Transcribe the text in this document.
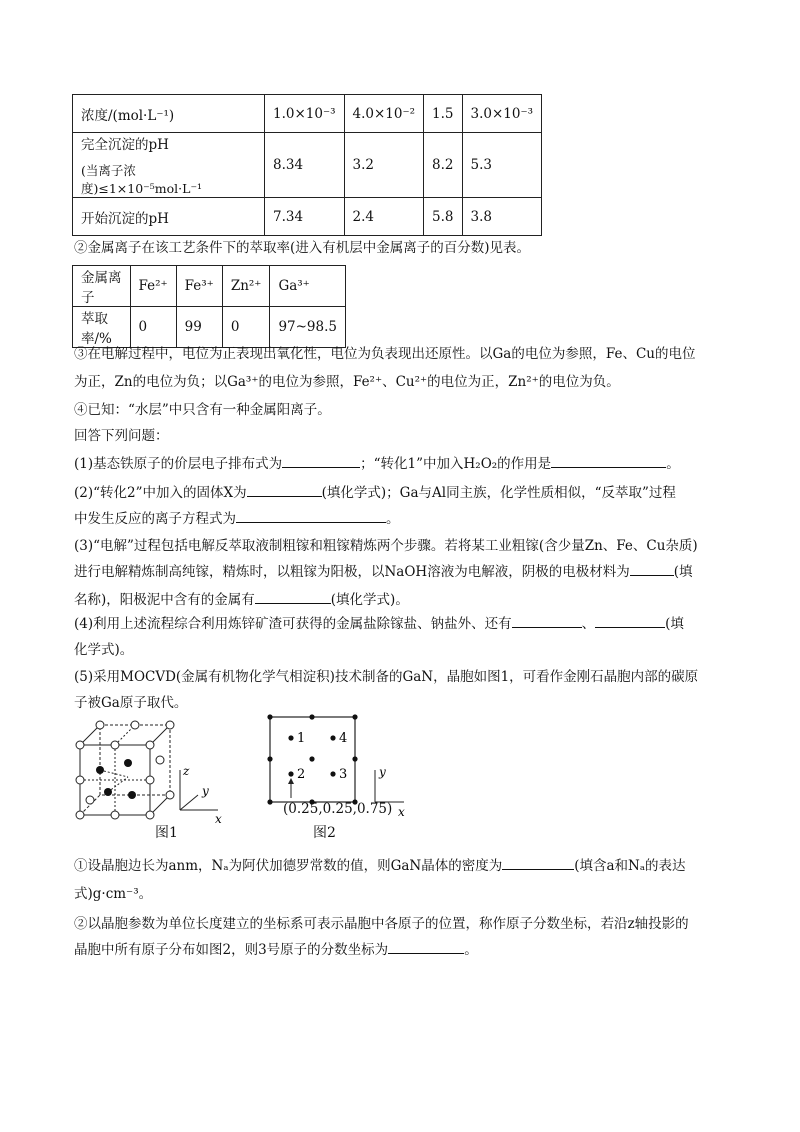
浓度/(mol·L⁻¹)	1.0×10⁻³	4.0×10⁻²	1.5	3.0×10⁻³

完全沉淀的pH
(当离子浓度)≤1×10⁻⁵mol·L⁻¹	8.34	3.2	8.2	5.3
开始沉淀的pH	7.34	2.4	5.8	3.8
②金属离子在该工艺条件下的萃取率(进入有机层中金属离子的百分数)见表。
金属离子	Fe²⁺	Fe³⁺	Zn²⁺	Ga³⁺
萃取率/%	0	99	0	97~98.5
③在电解过程中，电位为正表现出氧化性，电位为负表现出还原性。以Ga的电位为参照，Fe、Cu的电位
为正，Zn的电位为负；以Ga³⁺的电位为参照，Fe²⁺、Cu²⁺的电位为正，Zn²⁺的电位为负。
④已知：“水层”中只含有一种金属阳离子。
回答下列问题：
(1)基态铁原子的价层电子排布式为	；“转化1”中加入H₂O₂的作用是	。
(2)“转化2”中加入的固体X为	(填化学式)；Ga与Al同主族，化学性质相似，“反萃取”过程
中发生反应的离子方程式为	。
(3)“电解”过程包括电解反萃取液制粗镓和粗镓精炼两个步骤。若将某工业粗镓(含少量Zn、Fe、Cu杂质)
进行电解精炼制高纯镓，精炼时，以粗镓为阳极，以NaOH溶液为电解液，阴极的电极材料为	(填
名称)，阳极泥中含有的金属有	(填化学式)。
(4)利用上述流程综合利用炼锌矿渣可获得的金属盐除镓盐、钠盐外、还有	、	(填
化学式)。
(5)采用MOCVD(金属有机物化学气相淀积)技术制备的GaN，晶胞如图1，可看作金刚石晶胞内部的碳原
子被Ga原子取代。
z
y
x
1	4
2	3	y
x
(0.25,0.25,0.75)
图1	图2
①设晶胞边长为anm，Nₐ为阿伏加德罗常数的值，则GaN晶体的密度为	(填含a和Nₐ的表达
式)g·cm⁻³。
②以晶胞参数为单位长度建立的坐标系可表示晶胞中各原子的位置，称作原子分数坐标，若沿z轴投影的
晶胞中所有原子分布如图2，则3号原子的分数坐标为	。
